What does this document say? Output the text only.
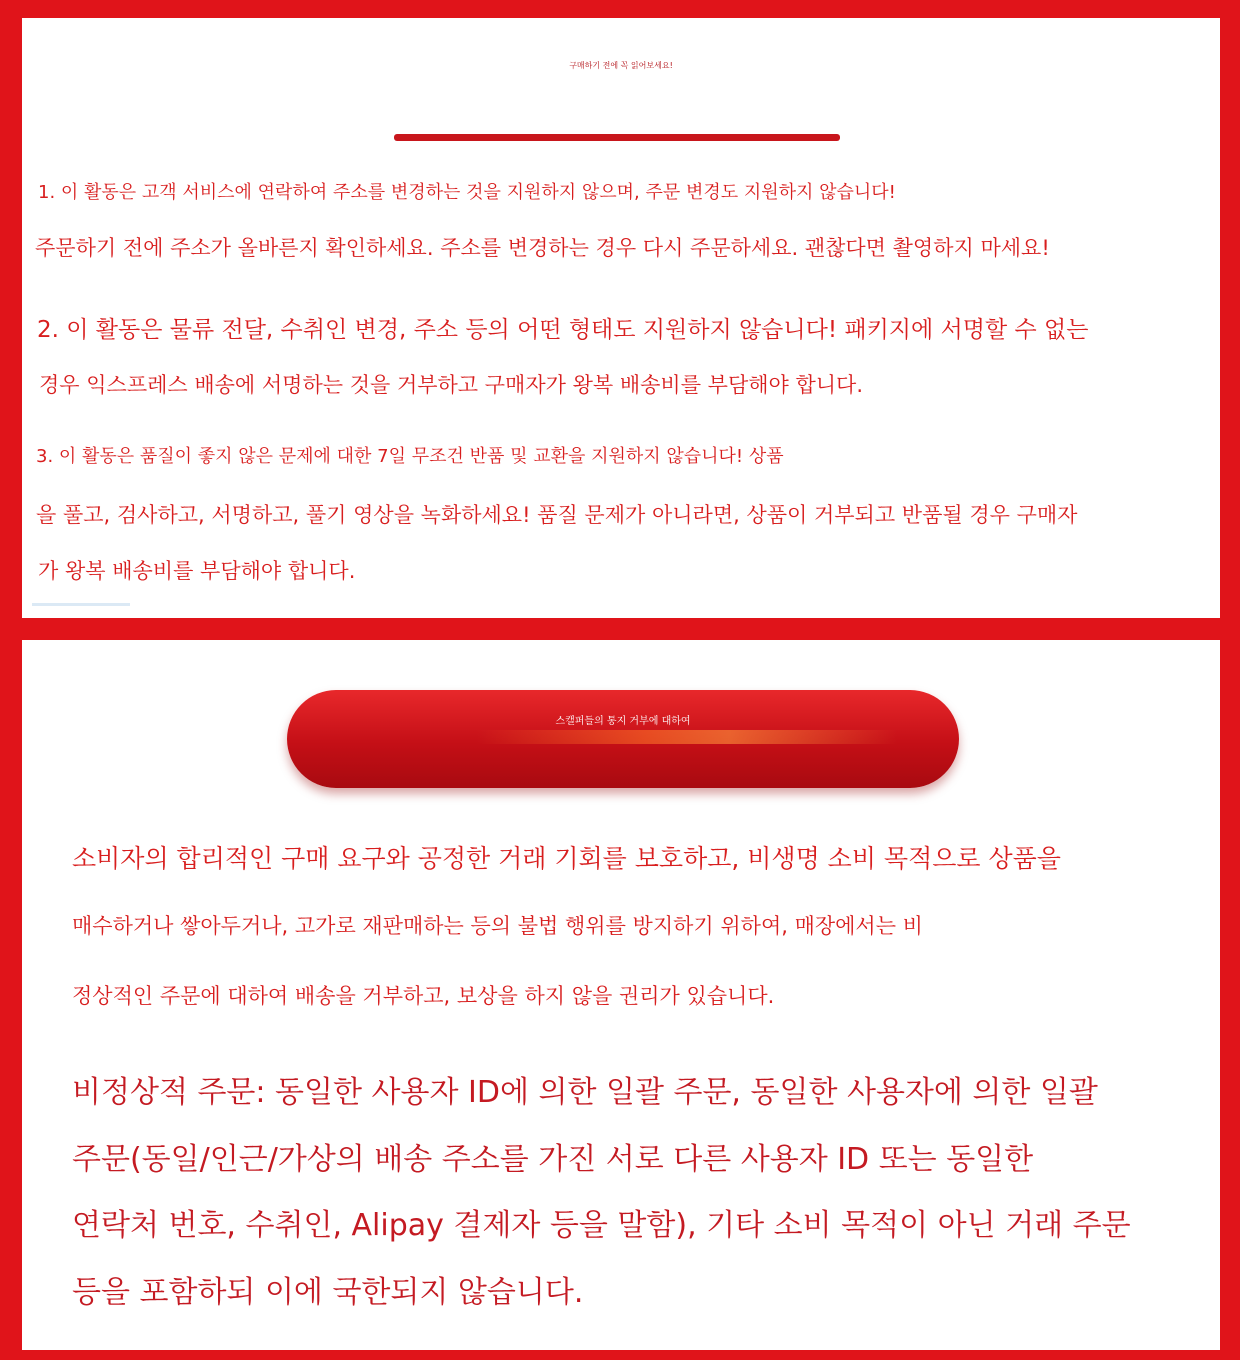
구매하기 전에 꼭 읽어보세요!

1. 이 활동은 고객 서비스에 연락하여 주소를 변경하는 것을 지원하지 않으며, 주문 변경도 지원하지 않습니다!

주문하기 전에 주소가 올바른지 확인하세요. 주소를 변경하는 경우 다시 주문하세요. 괜찮다면 촬영하지 마세요!

2. 이 활동은 물류 전달, 수취인 변경, 주소 등의 어떤 형태도 지원하지 않습니다! 패키지에 서명할 수 없는

경우 익스프레스 배송에 서명하는 것을 거부하고 구매자가 왕복 배송비를 부담해야 합니다.

3. 이 활동은 품질이 좋지 않은 문제에 대한 7일 무조건 반품 및 교환을 지원하지 않습니다! 상품

을 풀고, 검사하고, 서명하고, 풀기 영상을 녹화하세요! 품질 문제가 아니라면, 상품이 거부되고 반품될 경우 구매자

가 왕복 배송비를 부담해야 합니다.

스캘퍼들의 통지 거부에 대하여

소비자의 합리적인 구매 요구와 공정한 거래 기회를 보호하고, 비생명 소비 목적으로 상품을

매수하거나 쌓아두거나, 고가로 재판매하는 등의 불법 행위를 방지하기 위하여, 매장에서는 비

정상적인 주문에 대하여 배송을 거부하고, 보상을 하지 않을 권리가 있습니다.

비정상적 주문: 동일한 사용자 ID에 의한 일괄 주문, 동일한 사용자에 의한 일괄

주문(동일/인근/가상의 배송 주소를 가진 서로 다른 사용자 ID 또는 동일한

연락처 번호, 수취인, Alipay 결제자 등을 말함), 기타 소비 목적이 아닌 거래 주문

등을 포함하되 이에 국한되지 않습니다.
